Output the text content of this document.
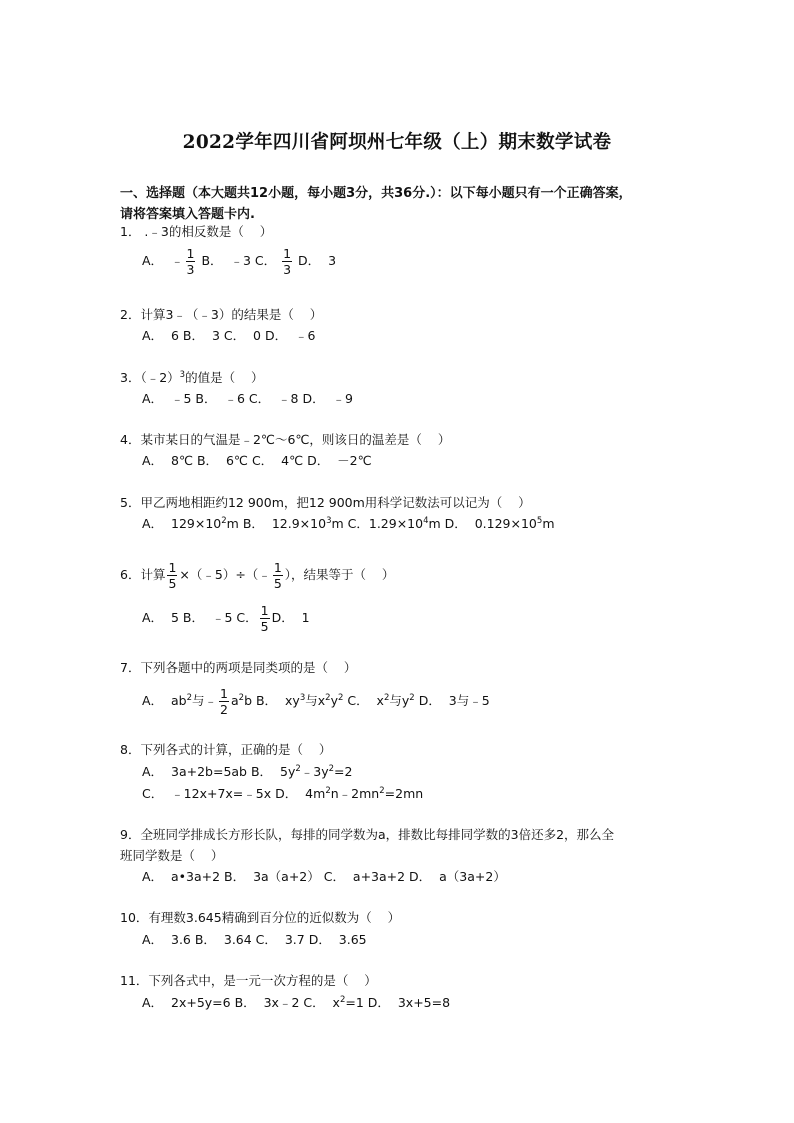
2022学年四川省阿坝州七年级（上）期末数学试卷
一、选择题（本大题共12小题，每小题3分，共36分.）：以下每小题只有一个正确答案，
请将答案填入答题卡内.
1． .﹣3的相反数是（    ）
A．  ﹣ $\frac{1}{3}$ B．  ﹣3 C． $\frac{1}{3}$ D．  3
2．计算3﹣（﹣3）的结果是（    ）
A．  6 B．  3 C．  0 D．  ﹣6
3．（﹣2）$^3$的值是（    ）
A．  ﹣5 B．  ﹣6 C．  ﹣8 D．  ﹣9
4．某市某日的气温是﹣2℃～6℃，则该日的温差是（    ）
A．  8℃ B．  6℃ C．  4℃ D．  －2℃
5．甲乙两地相距约12 900m，把12 900m用科学记数法可以记为（    ）
A．  $129\times 10^2m$ B．  $12.9\times 10^3m$ C．$1.29\times 10^4m$ D．  $0.129\times 10^5m$
6．计算 $\frac{1}{5}$ ×（﹣5）÷（﹣ $\frac{1}{5}$ ），结果等于（    ）
A．  5 B．  ﹣5 C． $\frac{1}{5}$ D．  1
7．下列各题中的两项是同类项的是（    ）
A．  $ab^2$与﹣ $\frac{1}{2} a^2b$ B．  $xy^3$与$x^2y^2$ C．  $x^2$与$y^2$ D．  3与﹣5
8．下列各式的计算，正确的是（    ）
A．  3a+2b=5ab B．  $5y^2﹣3y^2=2$
C．  ﹣12x+7x=﹣5x D．  $4m^2n﹣2mn^2=2mn$
9．全班同学排成长方形长队，每排的同学数为a，排数比每排同学数的3倍还多2，那么全
班同学数是（    ）
A．  a•3a+2 B．  3a（a+2） C．  a+3a+2 D．  a（3a+2）
10．有理数3.645精确到百分位的近似数为（    ）
A．  3.6 B．  3.64 C．  3.7 D．  3.65
11．下列各式中，是一元一次方程的是（    ）
A．  2x+5y=6 B．  3x﹣2 C．  $x^2=1$ D．  3x+5=8
